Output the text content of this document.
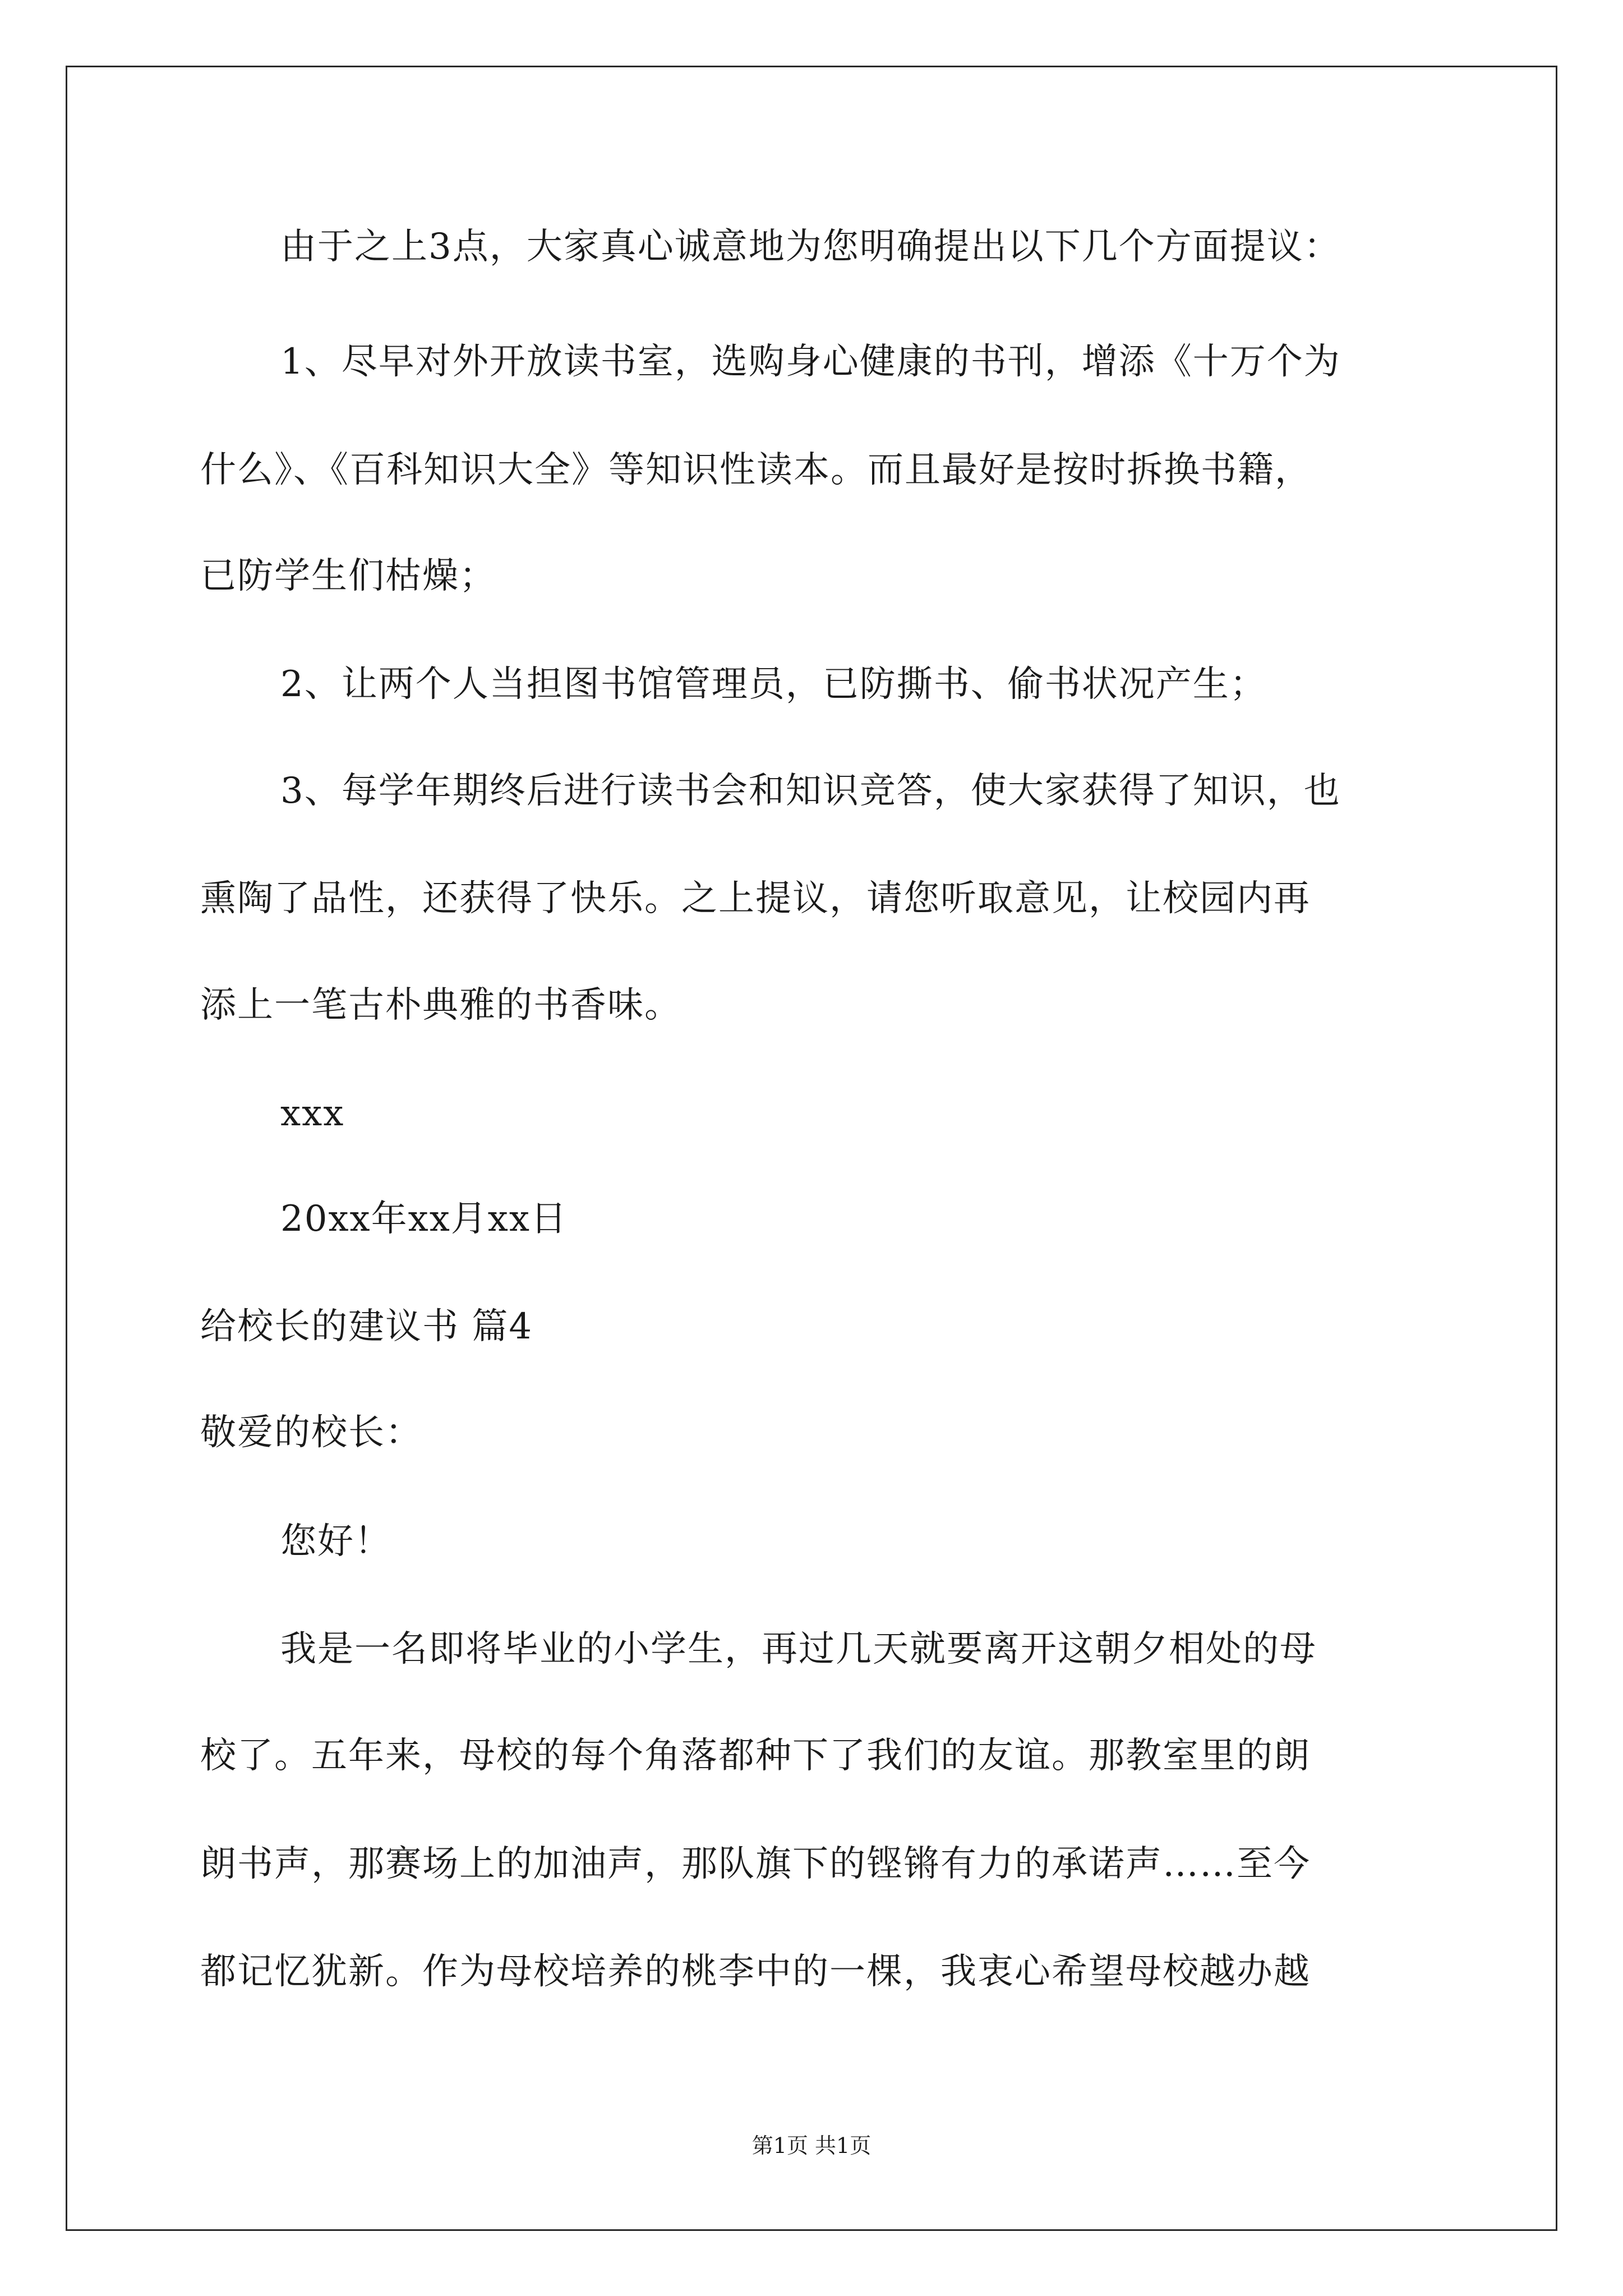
由于之上3点，大家真心诚意地为您明确提出以下几个方面提议：
1、尽早对外开放读书室，选购身心健康的书刊，增添《十万个为
什么》、《百科知识大全》等知识性读本。而且最好是按时拆换书籍，
已防学生们枯燥；
2、让两个人当担图书馆管理员，已防撕书、偷书状况产生；
3、每学年期终后进行读书会和知识竞答，使大家获得了知识，也
熏陶了品性，还获得了快乐。之上提议，请您听取意见，让校园内再
添上一笔古朴典雅的书香味。
xxx
20xx年xx月xx日
给校长的建议书 篇4
敬爱的校长：
您好！
我是一名即将毕业的小学生，再过几天就要离开这朝夕相处的母
校了。五年来，母校的每个角落都种下了我们的友谊。那教室里的朗
朗书声，那赛场上的加油声，那队旗下的铿锵有力的承诺声……至今
都记忆犹新。作为母校培养的桃李中的一棵，我衷心希望母校越办越
第1页 共1页
